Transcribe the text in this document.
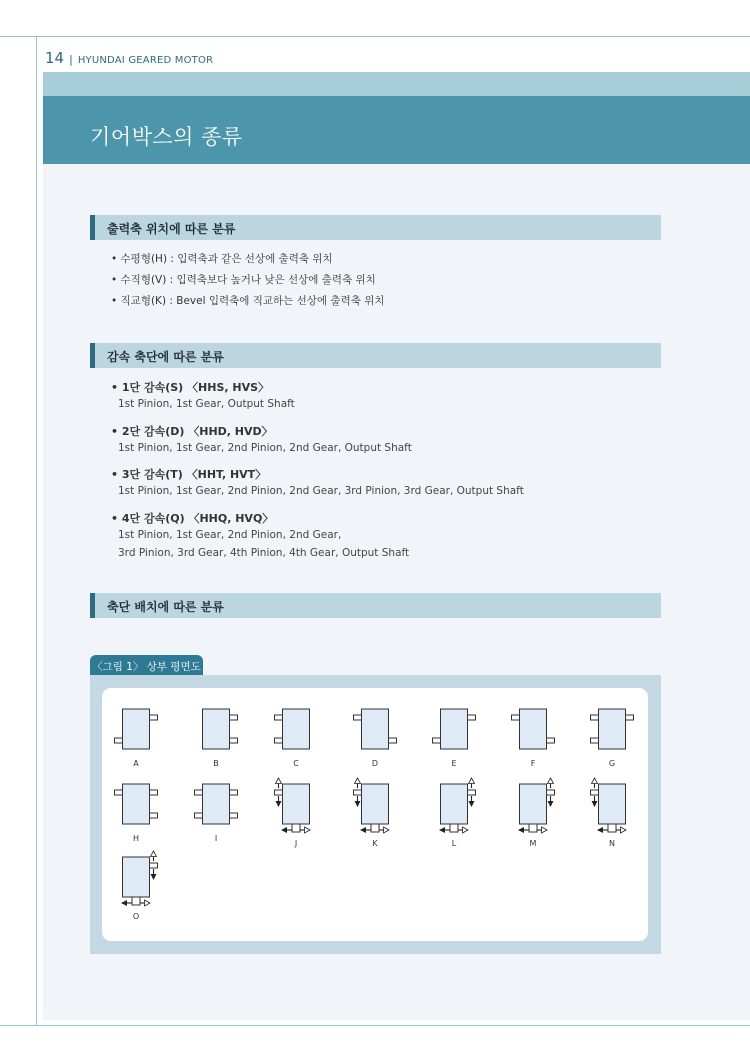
14 | HYUNDAI GEARED MOTOR
기어박스의 종류
출력축 위치에 따른 분류
• 수평형(H) : 입력축과 같은 선상에 출력축 위치
• 수직형(V) : 입력축보다 높거나 낮은 선상에 출력축 위치
• 직교형(K) : Bevel 입력축에 직교하는 선상에 출력축 위치
감속 축단에 따른 분류
• 1단 감속(S) 〈HHS, HVS〉
1st Pinion, 1st Gear, Output Shaft
• 2단 감속(D) 〈HHD, HVD〉
1st Pinion, 1st Gear, 2nd Pinion, 2nd Gear, Output Shaft
• 3단 감속(T) 〈HHT, HVT〉
1st Pinion, 1st Gear, 2nd Pinion, 2nd Gear, 3rd Pinion, 3rd Gear, Output Shaft
• 4단 감속(Q) 〈HHQ, HVQ〉
1st Pinion, 1st Gear, 2nd Pinion, 2nd Gear,
3rd Pinion, 3rd Gear, 4th Pinion, 4th Gear, Output Shaft
축단 배치에 따른 분류
〈그림 1〉 상부 평면도
A	B	C	D	E	F	G
H	I
J	K	L	M	N
O
